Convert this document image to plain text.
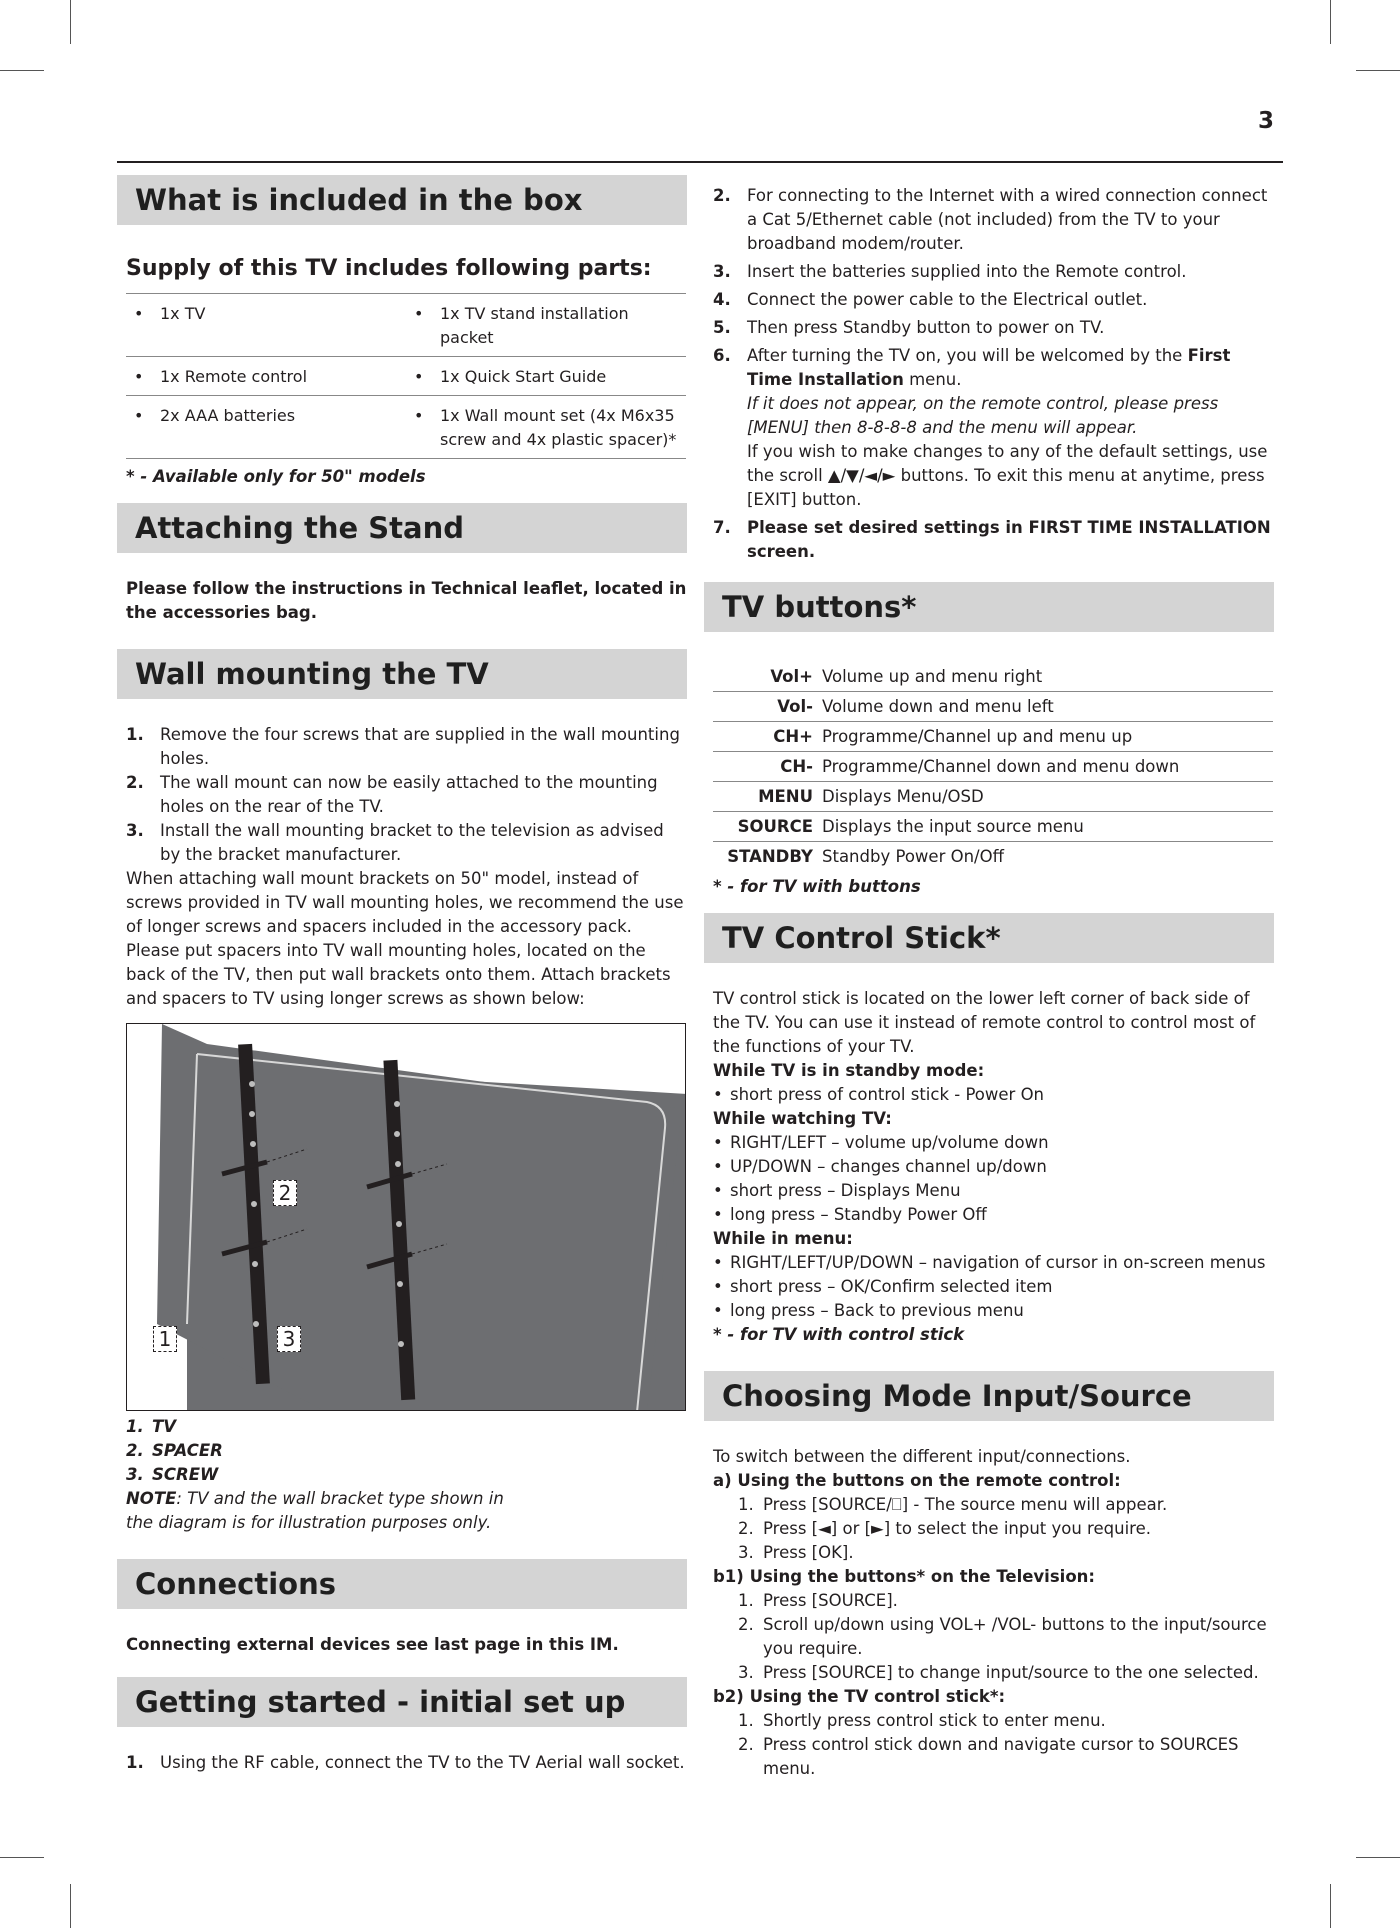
3
What is included in the box
Supply of this TV includes following parts:
• 1x TV	• 1x TV stand installation packet

• 1x Remote control	• 1x Quick Start Guide

• 2x AAA batteries	• 1x Wall mount set (4x M6x35 screw and 4x plastic spacer)*

* - Available only for 50" models

Attaching the Stand

Please follow the instructions in Technical leaflet, located in the accessories bag.

Wall mounting the TV
1. Remove the four screws that are supplied in the wall mounting holes.
2. The wall mount can now be easily attached to the mounting holes on the rear of the TV.
3. Install the wall mounting bracket to the television as advised by the bracket manufacturer.

When attaching wall mount brackets on 50" model, instead of screws provided in TV wall mounting holes, we recommend the use of longer screws and spacers included in the accessory pack. Please put spacers into TV wall mounting holes, located on the back of the TV, then put wall brackets onto them. Attach brackets and spacers to TV using longer screws as shown below:

1
2
3
1. TV
2. SPACER
3. SCREW

NOTE: TV and the wall bracket type shown in the diagram is for illustration purposes only.

Connections

Connecting external devices see last page in this IM.

Getting started - initial set up
1. Using the RF cable, connect the TV to the TV Aerial wall socket.
2. For connecting to the Internet with a wired connection connect a Cat 5/Ethernet cable (not included) from the TV to your broadband modem/router.
3. Insert the batteries supplied into the Remote control.
4. Connect the power cable to the Electrical outlet.
5. Then press Standby button to power on TV.
6. After turning the TV on, you will be welcomed by the First Time Installation menu.
If it does not appear, on the remote control, please press [MENU] then 8-8-8-8 and the menu will appear.
If you wish to make changes to any of the default settings, use the scroll ▲/▼/◄/► buttons. To exit this menu at anytime, press [EXIT] button.
7. Please set desired settings in FIRST TIME INSTALLATION screen.
TV buttons*
Vol+	Volume up and menu right
Vol-	Volume down and menu left
CH+	Programme/Channel up and menu up
CH-	Programme/Channel down and menu down
MENU	Displays Menu/OSD
SOURCE	Displays the input source menu
STANDBY	Standby Power On/Off

* - for TV with buttons

TV Control Stick*

TV control stick is located on the lower left corner of back side of the TV. You can use it instead of remote control to control most of the functions of your TV.

While TV is in standby mode:

• short press of control stick - Power On

While watching TV:

• RIGHT/LEFT – volume up/volume down
• UP/DOWN – changes channel up/down
• short press – Displays Menu
• long press – Standby Power Off

While in menu:

• RIGHT/LEFT/UP/DOWN – navigation of cursor in on-screen menus
• short press – OK/Confirm selected item
• long press – Back to previous menu

* - for TV with control stick

Choosing Mode Input/Source

To switch between the different input/connections.

a) Using the buttons on the remote control:

1. Press [SOURCE/⎕] - The source menu will appear.
2. Press [◄] or [►] to select the input you require.
3. Press [OK].

b1) Using the buttons* on the Television:

1. Press [SOURCE].
2. Scroll up/down using VOL+ /VOL- buttons to the input/source you require.
3. Press [SOURCE] to change input/source to the one selected.

b2) Using the TV control stick*:

1. Shortly press control stick to enter menu.
2. Press control stick down and navigate cursor to SOURCES menu.
